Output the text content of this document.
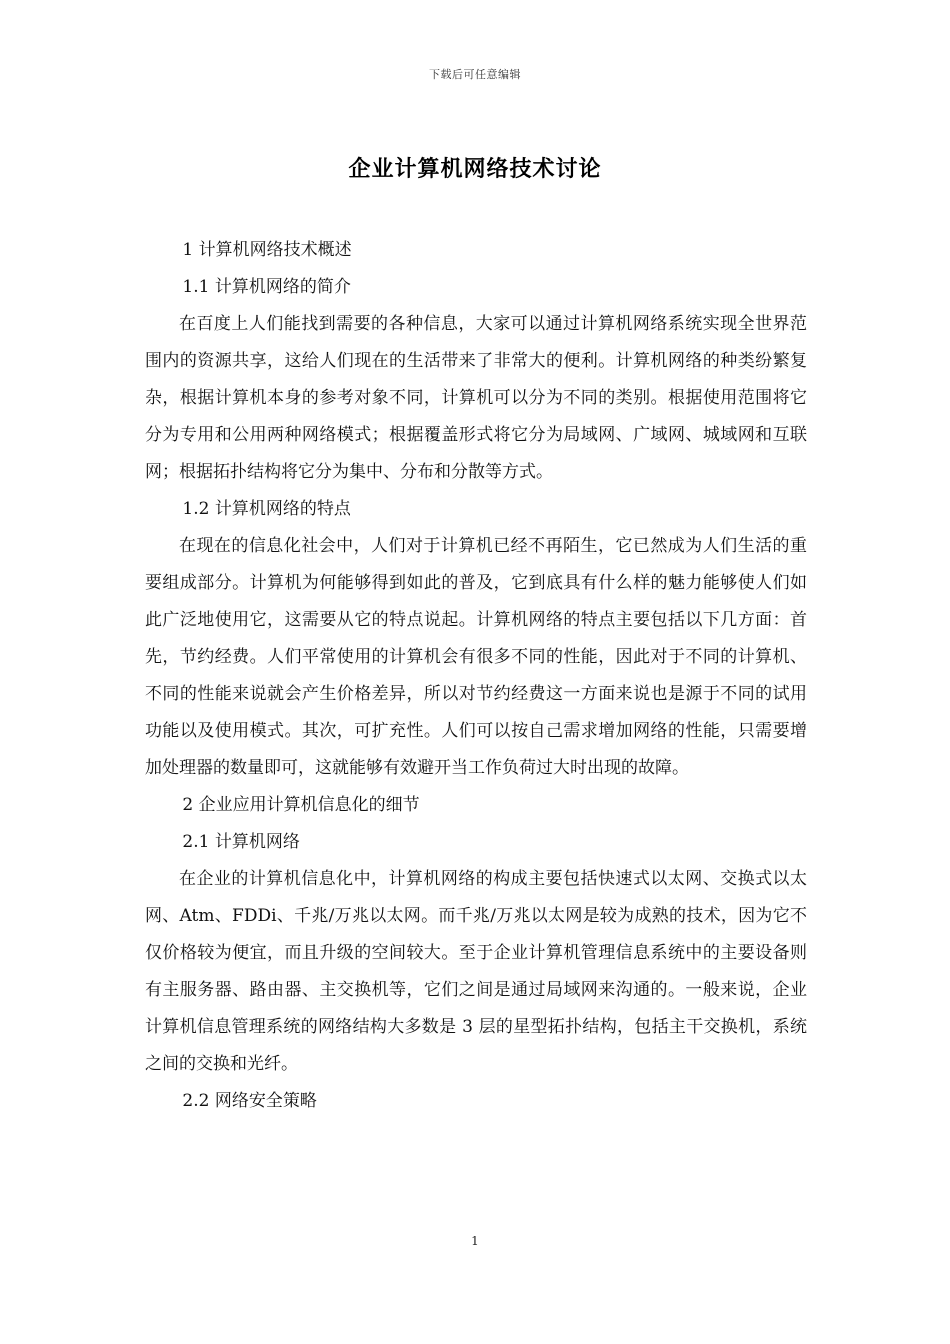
下载后可任意编辑
企业计算机网络技术讨论

1 计算机网络技术概述

1.1 计算机网络的简介

在百度上人们能找到需要的各种信息，大家可以通过计算机网络系统实现全世界范围内的资源共享，这给人们现在的生活带来了非常大的便利。计算机网络的种类纷繁复杂，根据计算机本身的参考对象不同，计算机可以分为不同的类别。根据使用范围将它分为专用和公用两种网络模式；根据覆盖形式将它分为局域网、广域网、城域网和互联网；根据拓扑结构将它分为集中、分布和分散等方式。

1.2 计算机网络的特点

在现在的信息化社会中，人们对于计算机已经不再陌生，它已然成为人们生活的重要组成部分。计算机为何能够得到如此的普及，它到底具有什么样的魅力能够使人们如此广泛地使用它，这需要从它的特点说起。计算机网络的特点主要包括以下几方面：首先，节约经费。人们平常使用的计算机会有很多不同的性能，因此对于不同的计算机、不同的性能来说就会产生价格差异，所以对节约经费这一方面来说也是源于不同的试用功能以及使用模式。其次，可扩充性。人们可以按自己需求增加网络的性能，只需要增加处理器的数量即可，这就能够有效避开当工作负荷过大时出现的故障。

2 企业应用计算机信息化的细节

2.1 计算机网络

在企业的计算机信息化中，计算机网络的构成主要包括快速式以太网、交换式以太网、Atm、FDDi、千兆/万兆以太网。而千兆/万兆以太网是较为成熟的技术，因为它不仅价格较为便宜，而且升级的空间较大。至于企业计算机管理信息系统中的主要设备则有主服务器、路由器、主交换机等，它们之间是通过局域网来沟通的。一般来说，企业计算机信息管理系统的网络结构大多数是 3 层的星型拓扑结构，包括主干交换机，系统之间的交换和光纤。

2.2 网络安全策略

1
